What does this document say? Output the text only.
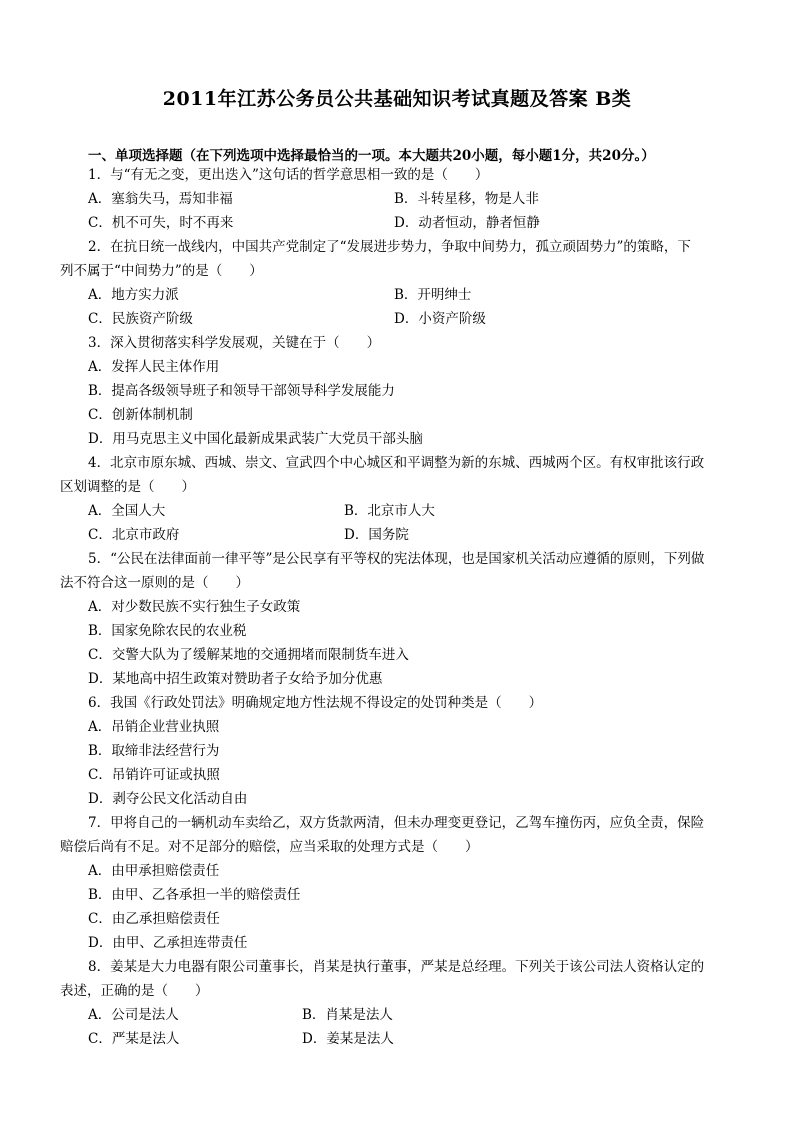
2011年江苏公务员公共基础知识考试真题及答案 B类
一、单项选择题（在下列选项中选择最恰当的一项。本大题共20小题，每小题1分，共20分。）
1．与“有无之变，更出迭入”这句话的哲学意思相一致的是（　　）
A．塞翁失马，焉知非福	B．斗转星移，物是人非
C．机不可失，时不再来	D．动者恒动，静者恒静
2．在抗日统一战线内，中国共产党制定了“发展进步势力，争取中间势力，孤立顽固势力”的策略，下
列不属于“中间势力”的是（　　）
A．地方实力派	B．开明绅士
C．民族资产阶级	D．小资产阶级
3．深入贯彻落实科学发展观，关键在于（　　）
A．发挥人民主体作用
B．提高各级领导班子和领导干部领导科学发展能力
C．创新体制机制
D．用马克思主义中国化最新成果武装广大党员干部头脑
4．北京市原东城、西城、崇文、宣武四个中心城区和平调整为新的东城、西城两个区。有权审批该行政
区划调整的是（　　）
A．全国人大	B．北京市人大
C．北京市政府	D．国务院
5．“公民在法律面前一律平等”是公民享有平等权的宪法体现，也是国家机关活动应遵循的原则，下列做
法不符合这一原则的是（　　）
A．对少数民族不实行独生子女政策
B．国家免除农民的农业税
C．交警大队为了缓解某地的交通拥堵而限制货车进入
D．某地高中招生政策对赞助者子女给予加分优惠
6．我国《行政处罚法》明确规定地方性法规不得设定的处罚种类是（　　）
A．吊销企业营业执照
B．取缔非法经营行为
C．吊销许可证或执照
D．剥夺公民文化活动自由
7．甲将自己的一辆机动车卖给乙，双方货款两清，但未办理变更登记，乙驾车撞伤丙，应负全责，保险
赔偿后尚有不足。对不足部分的赔偿，应当采取的处理方式是（　　）
A．由甲承担赔偿责任
B．由甲、乙各承担一半的赔偿责任
C．由乙承担赔偿责任
D．由甲、乙承担连带责任
8．姜某是大力电器有限公司董事长，肖某是执行董事，严某是总经理。下列关于该公司法人资格认定的
表述，正确的是（　　）
A．公司是法人	B．肖某是法人
C．严某是法人	D．姜某是法人
